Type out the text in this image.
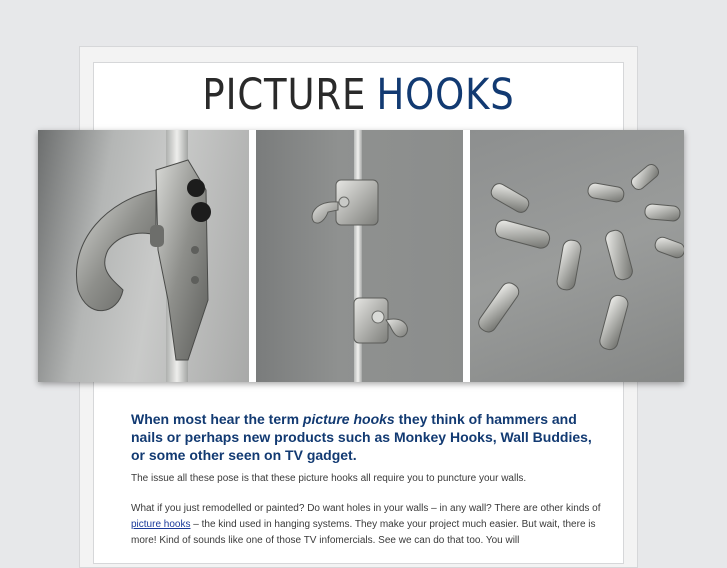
PICTURE HOOKS
When most hear the term picture hooks they think of hammers and nails or perhaps new products such as Monkey Hooks, Wall Buddies, or some other seen on TV gadget.

The issue all these pose is that these picture hooks all require you to puncture your walls.

What if you just remodelled or painted? Do want holes in your walls – in any wall? There are other kinds of picture hooks – the kind used in hanging systems. They make your project much easier. But wait, there is more! Kind of sounds like one of those TV infomercials. See we can do that too. You will
